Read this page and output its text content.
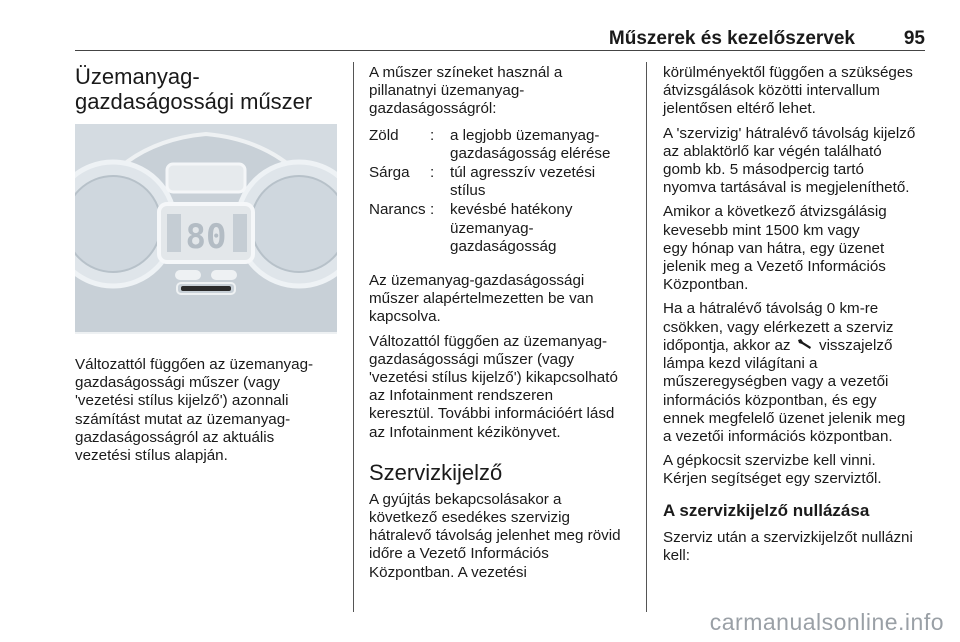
Műszerek és kezelőszervek	95
Üzemanyag-
gazdaságossági műszer
80

Változattól függően az üzemanyag-
gazdaságossági műszer (vagy
'vezetési stílus kijelző') azonnali
számítást mutat az üzemanyag-
gazdaságosságról az aktuális
vezetési stílus alapján.

A műszer színeket használ a
pillanatnyi üzemanyag-
gazdaságosságról:

Zöld	:	a legjobb üzemanyag-
gazdaságosság elérése
Sárga	:	túl agresszív vezetési
stílus
Narancs :	kevésbé hatékony
üzemanyag-
gazdaságosság

Az üzemanyag-gazdaságossági
műszer alapértelmezetten be van
kapcsolva.

Változattól függően az üzemanyag-
gazdaságossági műszer (vagy
'vezetési stílus kijelző') kikapcsolható
az Infotainment rendszeren
keresztül. További információért lásd
az Infotainment kézikönyvet.

Szervizkijelző

A gyújtás bekapcsolásakor a
következő esedékes szervizig
hátralevő távolság jelenhet meg rövid
időre a Vezető Információs
Központban. A vezetési

körülményektől függően a szükséges
átvizsgálások közötti intervallum
jelentősen eltérő lehet.

A 'szervizig' hátralévő távolság kijelző
az ablaktörlő kar végén található
gomb kb. 5 másodpercig tartó
nyomva tartásával is megjeleníthető.

Amikor a következő átvizsgálásig
kevesebb mint 1500 km vagy
egy hónap van hátra, egy üzenet
jelenik meg a Vezető Információs
Központban.

Ha a hátralévő távolság 0 km-re
csökken, vagy elérkezett a szerviz
időpontja, akkor az visszajelző
lámpa kezd világítani a
műszeregységben vagy a vezetői
információs központban, és egy
ennek megfelelő üzenet jelenik meg
a vezetői információs központban.

A gépkocsit szervizbe kell vinni.
Kérjen segítséget egy szerviztől.

A szervizkijelző nullázása

Szerviz után a szervizkijelzőt nullázni
kell:

carmanualsonline.info
